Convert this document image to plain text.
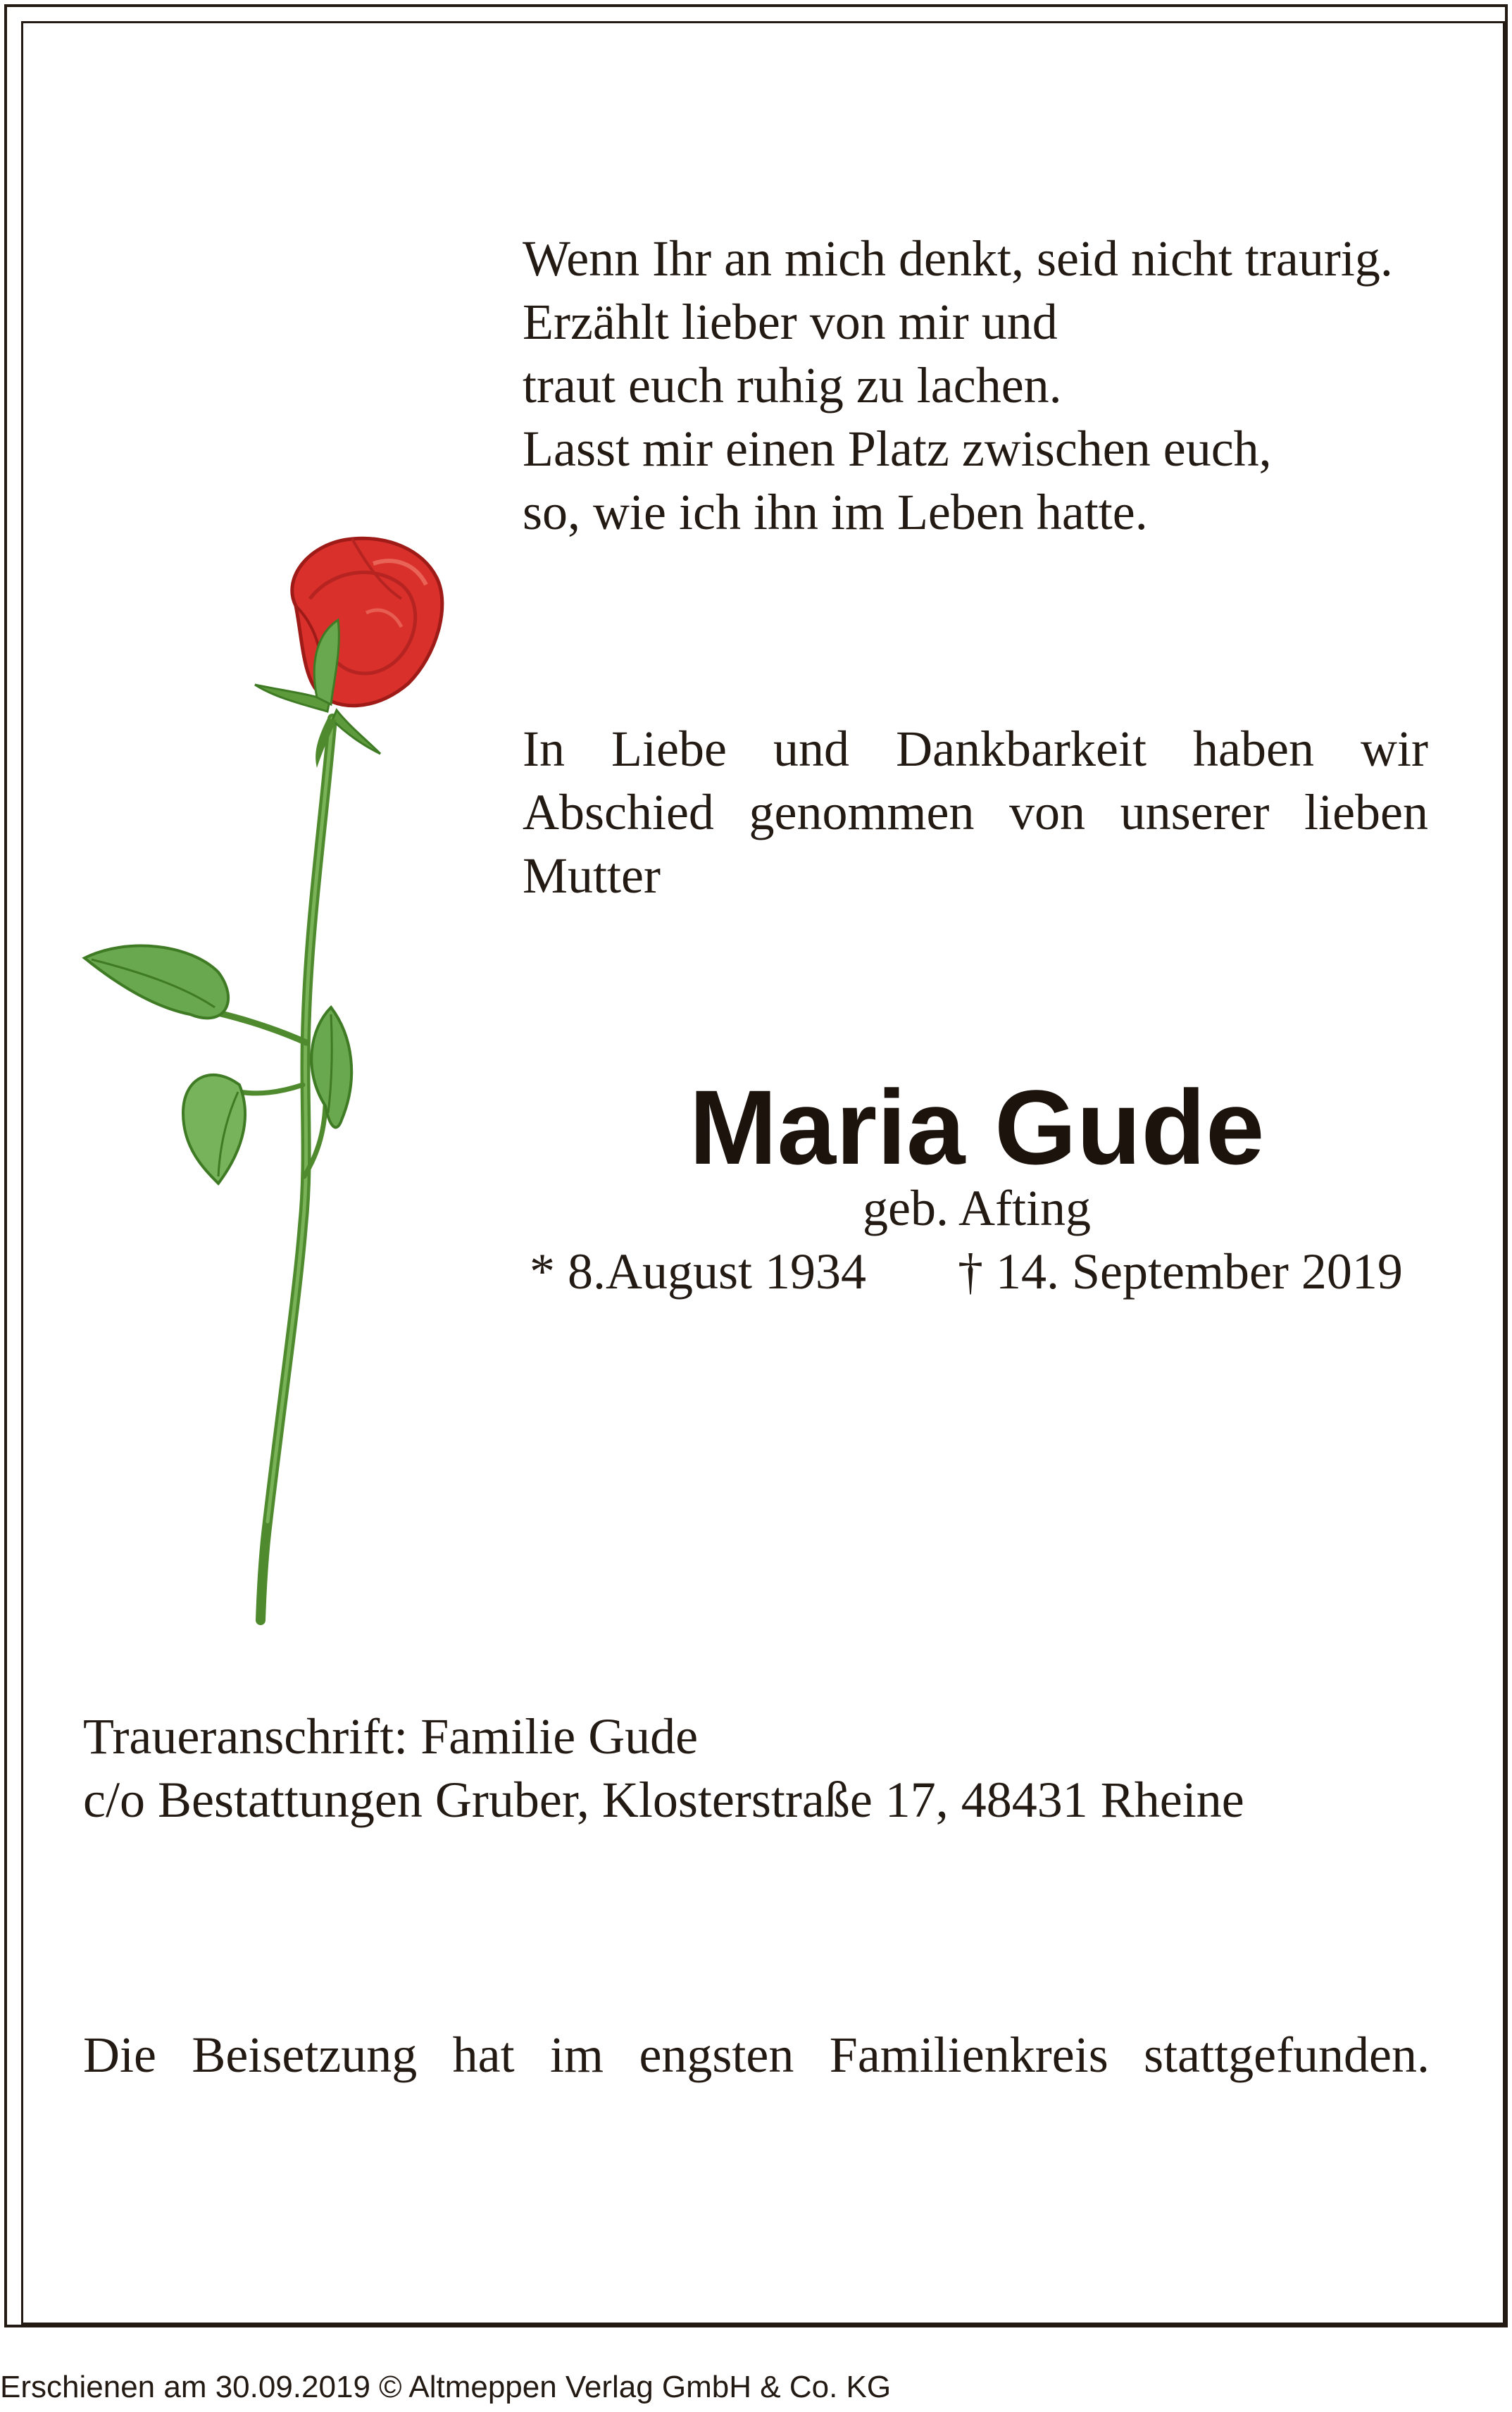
Wenn Ihr an mich denkt, seid nicht traurig.
Erzählt lieber von mir und
traut euch ruhig zu lachen.
Lasst mir einen Platz zwischen euch,
so, wie ich ihn im Leben hatte.
In Liebe und Dankbarkeit haben wir Abschied genommen von unserer lieben Mutter
Maria Gude
geb. Afting
* 8.August 1934 † 14. September 2019
Traueranschrift: Familie Gude
c/o Bestattungen Gruber, Klosterstraße 17, 48431 Rheine
Die Beisetzung hat im engsten Familienkreis stattgefunden.
Erschienen am 30.09.2019 © Altmeppen Verlag GmbH & Co. KG
